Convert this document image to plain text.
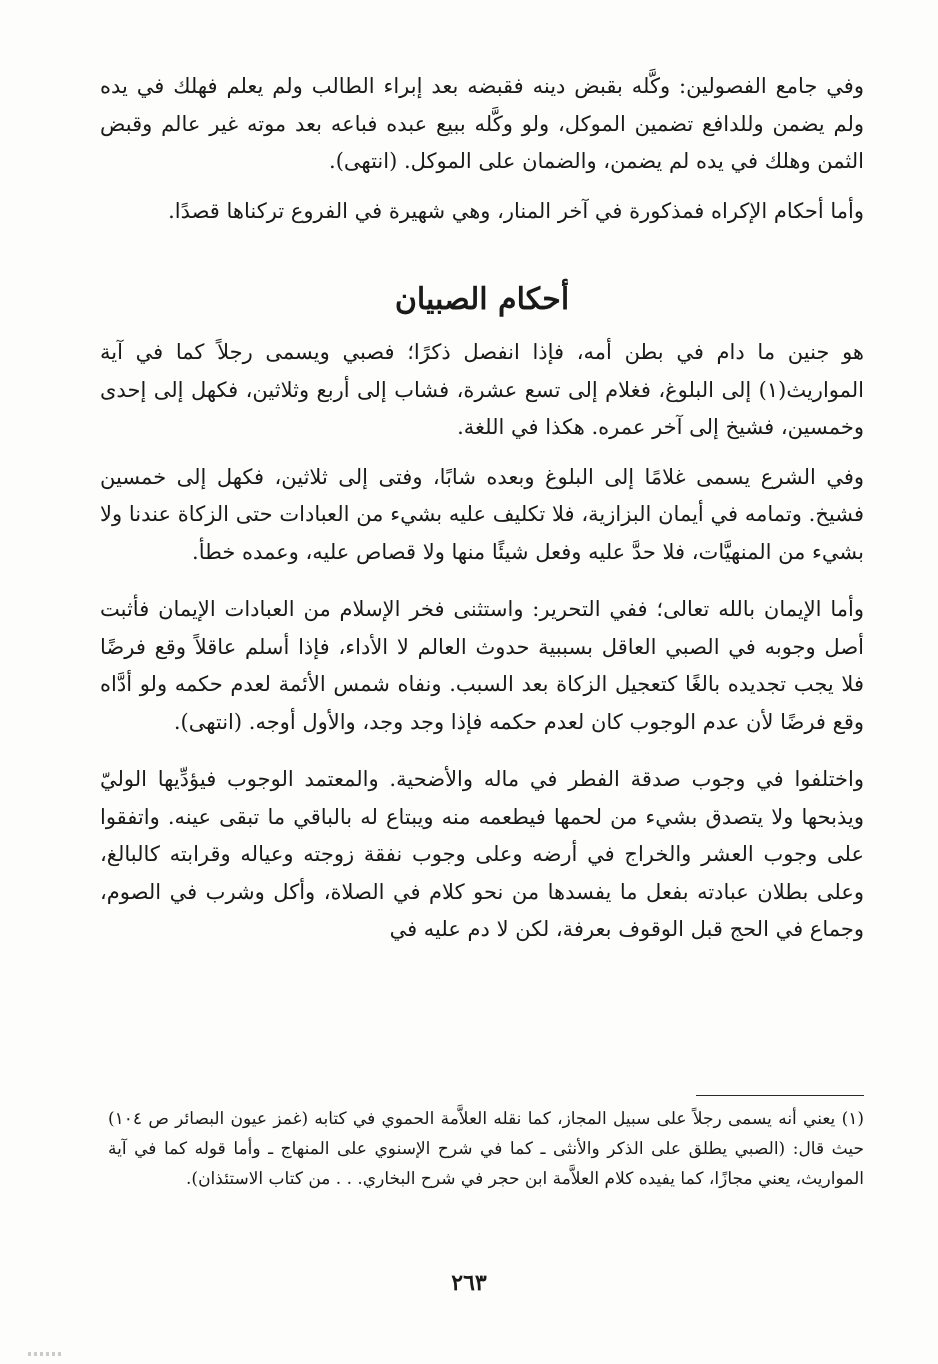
وفي جامع الفصولين: وكَّله بقبض دينه فقبضه بعد إبراء الطالب ولم يعلم فهلك في يده ولم يضمن وللدافع تضمين الموكل، ولو وكَّله ببيع عبده فباعه بعد موته غير عالم وقبض الثمن وهلك في يده لم يضمن، والضمان على الموكل. (انتهى).

وأما أحكام الإكراه فمذكورة في آخر المنار، وهي شهيرة في الفروع تركناها قصدًا.

أحكام الصبيان

هو جنين ما دام في بطن أمه، فإذا انفصل ذكرًا؛ فصبي ويسمى رجلاً كما في آية المواريث(١) إلى البلوغ، فغلام إلى تسع عشرة، فشاب إلى أربع وثلاثين، فكهل إلى إحدى وخمسين، فشيخ إلى آخر عمره. هكذا في اللغة.

وفي الشرع يسمى غلامًا إلى البلوغ وبعده شابًا، وفتى إلى ثلاثين، فكهل إلى خمسين فشيخ. وتمامه في أيمان البزازية، فلا تكليف عليه بشيء من العبادات حتى الزكاة عندنا ولا بشيء من المنهيَّات، فلا حدَّ عليه وفعل شيئًا منها ولا قصاص عليه، وعمده خطأ.

وأما الإيمان بالله تعالى؛ ففي التحرير: واستثنى فخر الإسلام من العبادات الإيمان فأثبت أصل وجوبه في الصبي العاقل بسببية حدوث العالم لا الأداء، فإذا أسلم عاقلاً وقع فرضًا فلا يجب تجديده بالغًا كتعجيل الزكاة بعد السبب. ونفاه شمس الأئمة لعدم حكمه ولو أدَّاه وقع فرضًا لأن عدم الوجوب كان لعدم حكمه فإذا وجد وجد، والأول أوجه. (انتهى).

واختلفوا في وجوب صدقة الفطر في ماله والأضحية. والمعتمد الوجوب فيؤدِّيها الوليّ ويذبحها ولا يتصدق بشيء من لحمها فيطعمه منه ويبتاع له بالباقي ما تبقى عينه. واتفقوا على وجوب العشر والخراج في أرضه وعلى وجوب نفقة زوجته وعياله وقرابته كالبالغ، وعلى بطلان عبادته بفعل ما يفسدها من نحو كلام في الصلاة، وأكل وشرب في الصوم، وجماع في الحج قبل الوقوف بعرفة، لكن لا دم عليه في

(١) يعني أنه يسمى رجلاً على سبيل المجاز، كما نقله العلاَّمة الحموي في كتابه (غمز عيون البصائر ص ١٠٤) حيث قال: (الصبي يطلق على الذكر والأنثى ـ كما في شرح الإسنوي على المنهاج ـ وأما قوله كما في آية المواريث، يعني مجازًا، كما يفيده كلام العلاَّمة ابن حجر في شرح البخاري. . . من كتاب الاستئذان).

٢٦٣
